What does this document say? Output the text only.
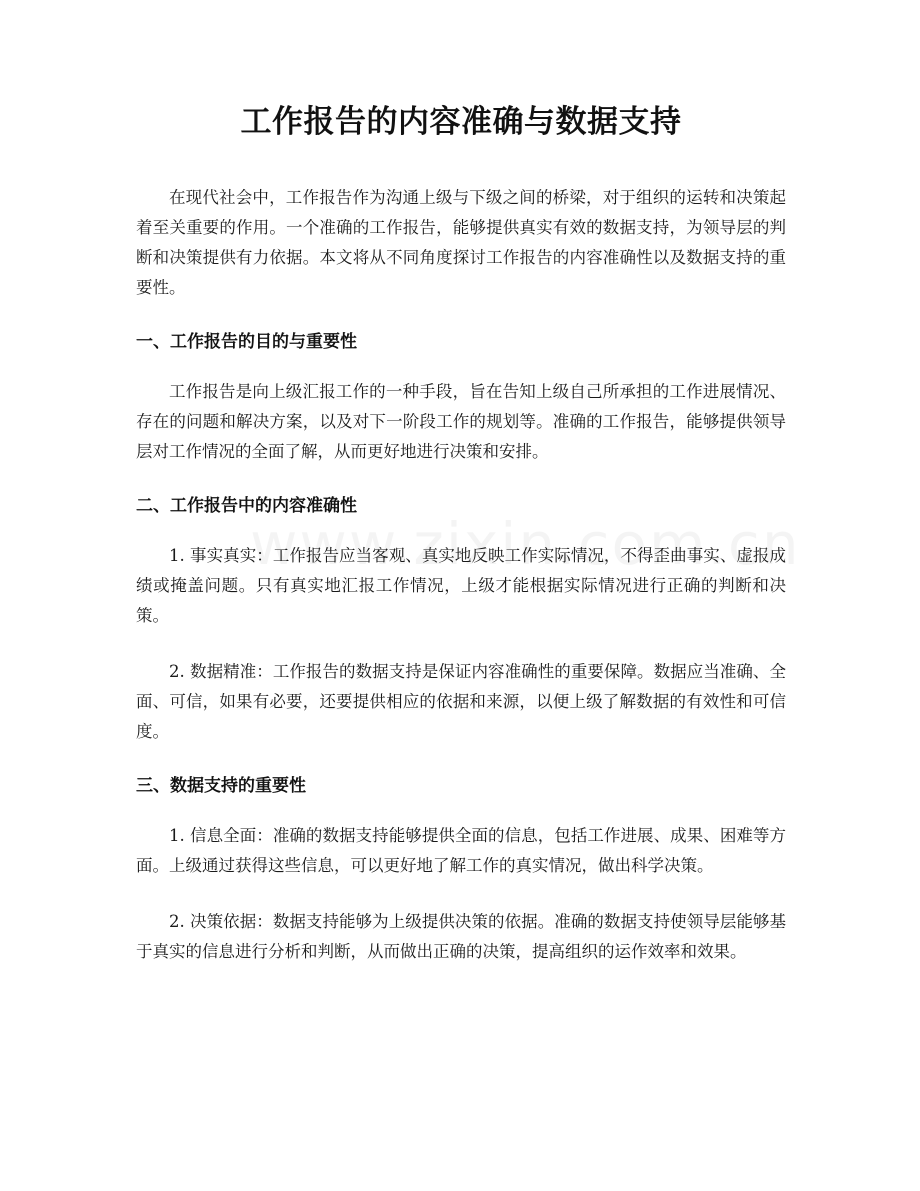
工作报告的内容准确与数据支持

在现代社会中，工作报告作为沟通上级与下级之间的桥梁，对于组织的运转和决策起着至关重要的作用。一个准确的工作报告，能够提供真实有效的数据支持，为领导层的判断和决策提供有力依据。本文将从不同角度探讨工作报告的内容准确性以及数据支持的重要性。

一、工作报告的目的与重要性

工作报告是向上级汇报工作的一种手段，旨在告知上级自己所承担的工作进展情况、存在的问题和解决方案，以及对下一阶段工作的规划等。准确的工作报告，能够提供领导层对工作情况的全面了解，从而更好地进行决策和安排。

二、工作报告中的内容准确性

1. 事实真实：工作报告应当客观、真实地反映工作实际情况，不得歪曲事实、虚报成绩或掩盖问题。只有真实地汇报工作情况，上级才能根据实际情况进行正确的判断和决策。

2. 数据精准：工作报告的数据支持是保证内容准确性的重要保障。数据应当准确、全面、可信，如果有必要，还要提供相应的依据和来源，以便上级了解数据的有效性和可信度。

三、数据支持的重要性

1. 信息全面：准确的数据支持能够提供全面的信息，包括工作进展、成果、困难等方面。上级通过获得这些信息，可以更好地了解工作的真实情况，做出科学决策。

2. 决策依据：数据支持能够为上级提供决策的依据。准确的数据支持使领导层能够基于真实的信息进行分析和判断，从而做出正确的决策，提高组织的运作效率和效果。
